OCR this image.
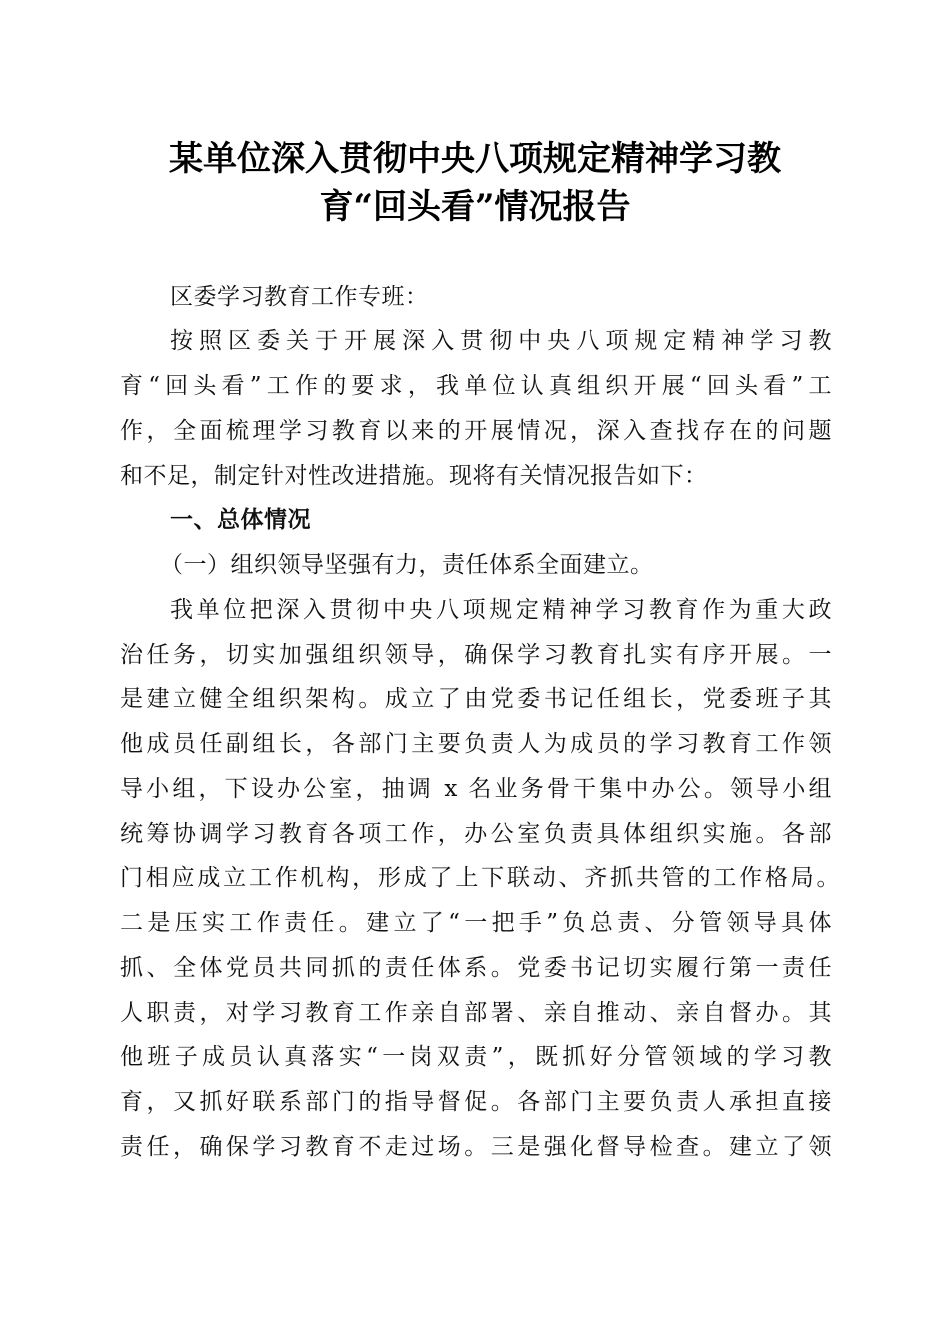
某单位深入贯彻中央八项规定精神学习教
育“回头看”情况报告
区委学习教育工作专班：
按照区委关于开展深入贯彻中央八项规定精神学习教
育“回头看”工作的要求，我单位认真组织开展“回头看”工
作，全面梳理学习教育以来的开展情况，深入查找存在的问题
和不足，制定针对性改进措施。现将有关情况报告如下：
一、总体情况
（一）组织领导坚强有力，责任体系全面建立。
我单位把深入贯彻中央八项规定精神学习教育作为重大政
治任务，切实加强组织领导，确保学习教育扎实有序开展。一
是建立健全组织架构。成立了由党委书记任组长，党委班子其
他成员任副组长，各部门主要负责人为成员的学习教育工作领
导小组，下设办公室，抽调 x 名业务骨干集中办公。领导小组
统筹协调学习教育各项工作，办公室负责具体组织实施。各部
门相应成立工作机构，形成了上下联动、齐抓共管的工作格局。
二是压实工作责任。建立了“一把手”负总责、分管领导具体
抓、全体党员共同抓的责任体系。党委书记切实履行第一责任
人职责，对学习教育工作亲自部署、亲自推动、亲自督办。其
他班子成员认真落实“一岗双责”，既抓好分管领域的学习教
育，又抓好联系部门的指导督促。各部门主要负责人承担直接
责任，确保学习教育不走过场。三是强化督导检查。建立了领
